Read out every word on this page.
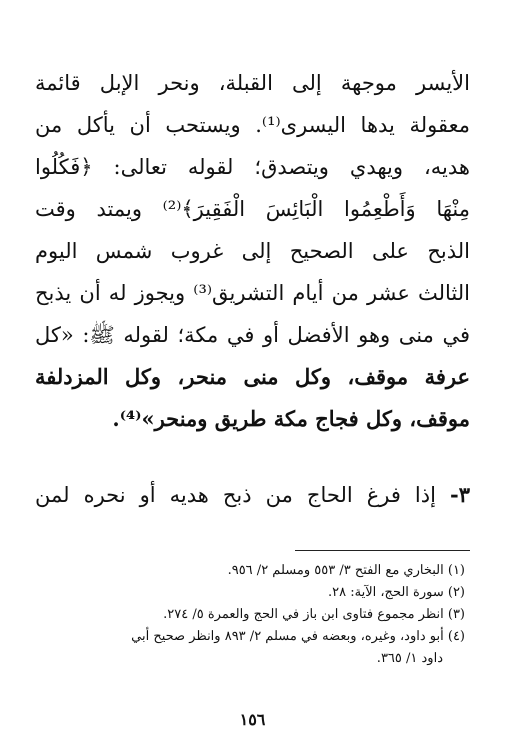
الأيسر موجهة إلى القبلة، ونحر الإبل قائمة
معقولة يدها اليسرى⁽¹⁾. ويستحب أن يأكل من
هديه، ويهدي ويتصدق؛ لقوله تعالى: ﴿فَكُلُوا
مِنْهَا وَأَطْعِمُوا الْبَائِسَ الْفَقِيرَ﴾⁽²⁾ ويمتد وقت
الذبح على الصحيح إلى غروب شمس اليوم
الثالث عشر من أيام التشريق⁽³⁾ ويجوز له أن يذبح
في منى وهو الأفضل أو في مكة؛ لقوله ﷺ: «كل
عرفة موقف، وكل منى منحر، وكل المزدلفة
موقف، وكل فجاج مكة طريق ومنحر»⁽⁴⁾.
٣- إذا فرغ الحاج من ذبح هديه أو نحره لمن
(١) البخاري مع الفتح ٣/ ٥٥٣ ومسلم ٢/ ٩٥٦.
(٢) سورة الحج، الآية: ٢٨.
(٣) انظر مجموع فتاوى ابن باز في الحج والعمرة ٥/ ٢٧٤.
(٤) أبو داود، وغيره، وبعضه في مسلم ٢/ ٨٩٣ وانظر صحيح أبي
داود ١/ ٣٦٥.
١٥٦
